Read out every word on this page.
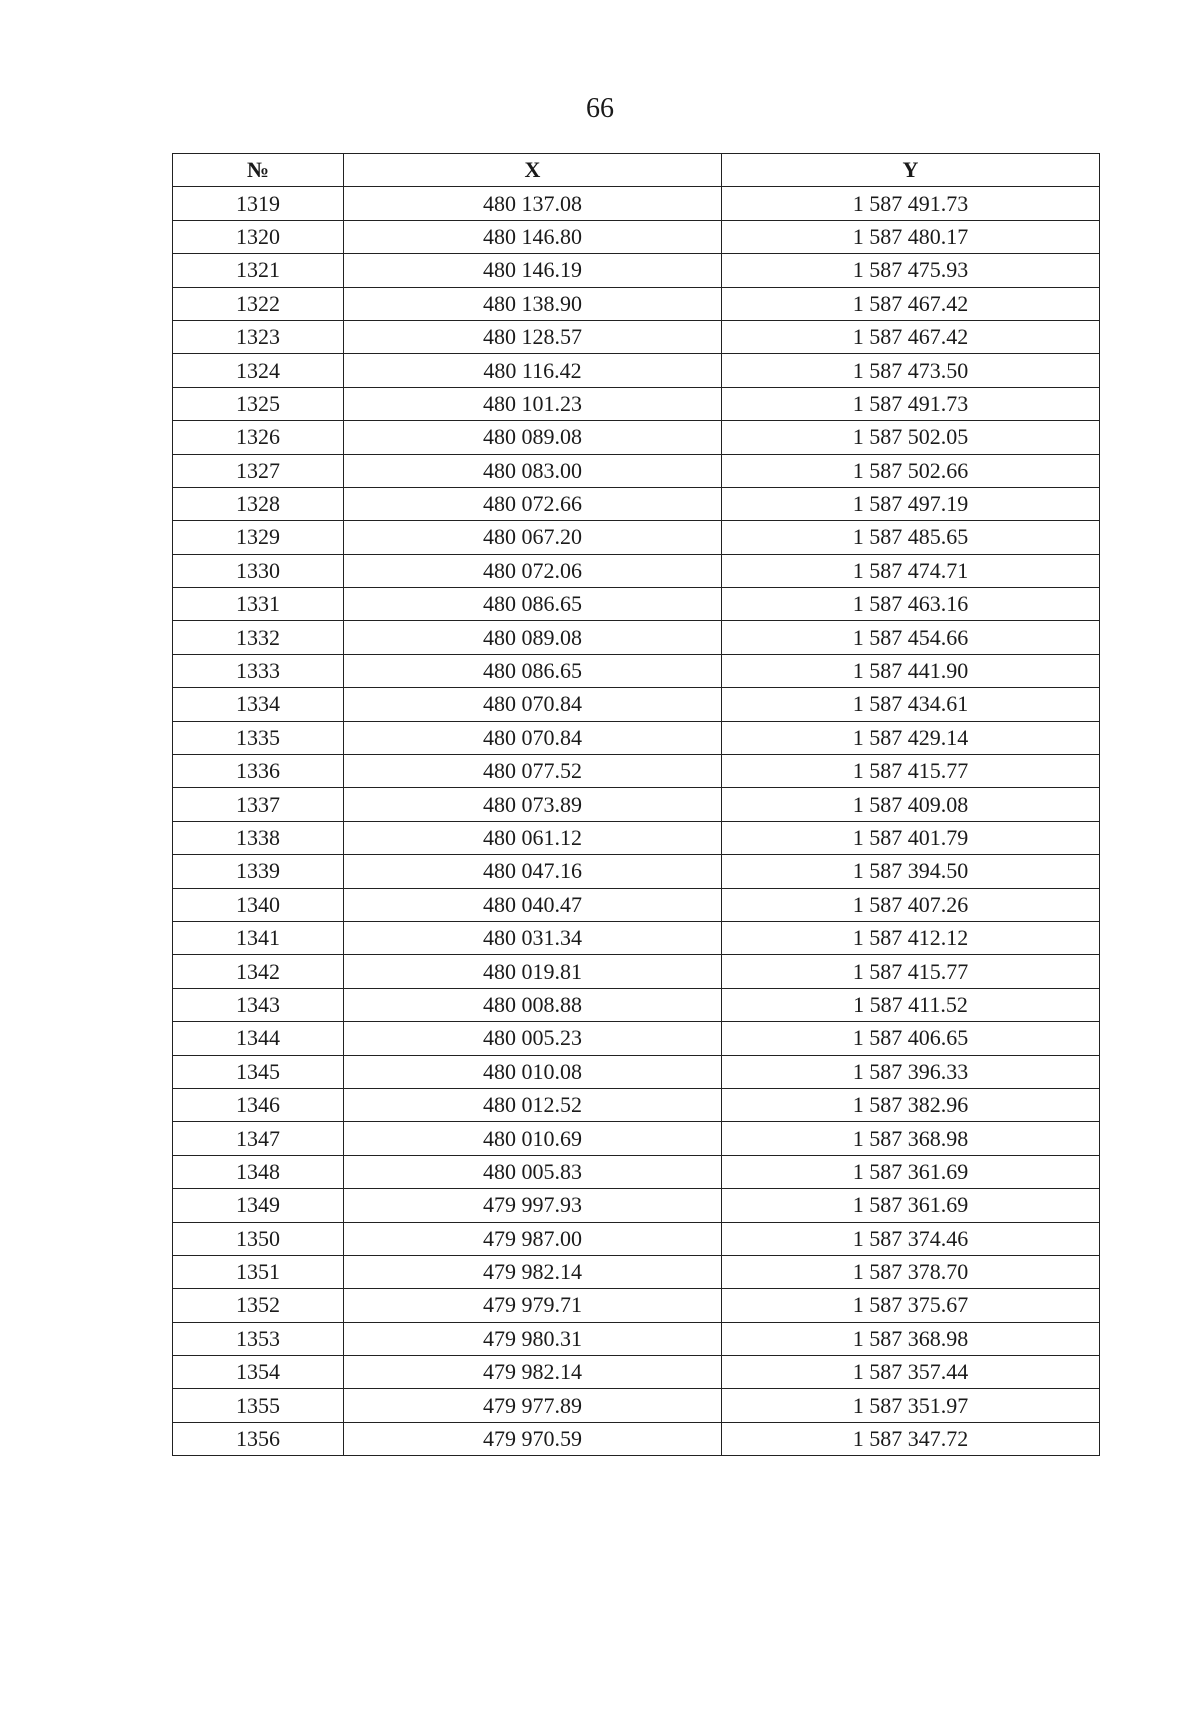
66
№	X	Y
1319	480 137.08	1 587 491.73
1320	480 146.80	1 587 480.17
1321	480 146.19	1 587 475.93
1322	480 138.90	1 587 467.42
1323	480 128.57	1 587 467.42
1324	480 116.42	1 587 473.50
1325	480 101.23	1 587 491.73
1326	480 089.08	1 587 502.05
1327	480 083.00	1 587 502.66
1328	480 072.66	1 587 497.19
1329	480 067.20	1 587 485.65
1330	480 072.06	1 587 474.71
1331	480 086.65	1 587 463.16
1332	480 089.08	1 587 454.66
1333	480 086.65	1 587 441.90
1334	480 070.84	1 587 434.61
1335	480 070.84	1 587 429.14
1336	480 077.52	1 587 415.77
1337	480 073.89	1 587 409.08
1338	480 061.12	1 587 401.79
1339	480 047.16	1 587 394.50
1340	480 040.47	1 587 407.26
1341	480 031.34	1 587 412.12
1342	480 019.81	1 587 415.77
1343	480 008.88	1 587 411.52
1344	480 005.23	1 587 406.65
1345	480 010.08	1 587 396.33
1346	480 012.52	1 587 382.96
1347	480 010.69	1 587 368.98
1348	480 005.83	1 587 361.69
1349	479 997.93	1 587 361.69
1350	479 987.00	1 587 374.46
1351	479 982.14	1 587 378.70
1352	479 979.71	1 587 375.67
1353	479 980.31	1 587 368.98
1354	479 982.14	1 587 357.44
1355	479 977.89	1 587 351.97
1356	479 970.59	1 587 347.72
